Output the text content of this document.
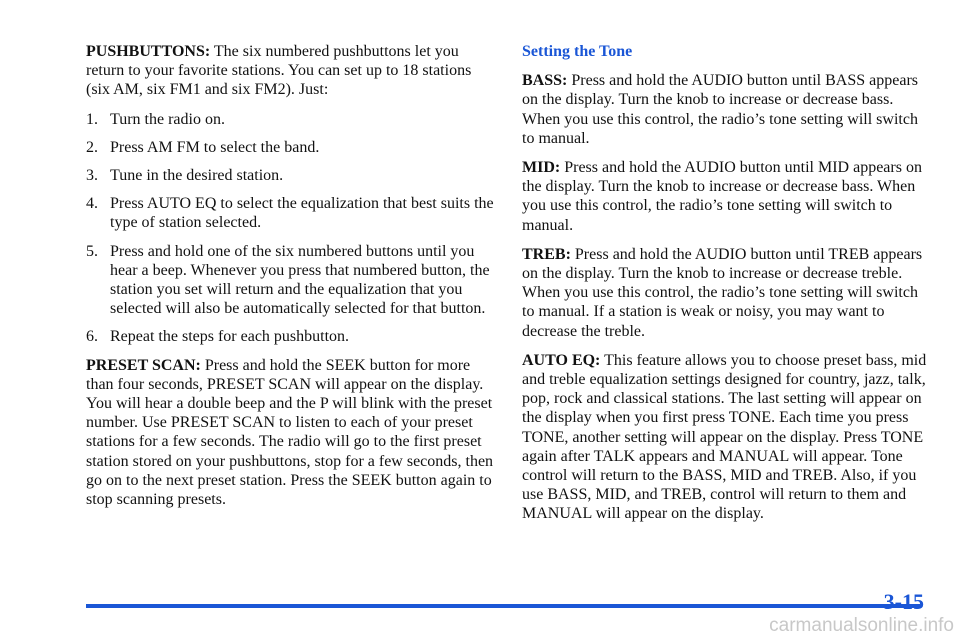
PUSHBUTTONS: The six numbered pushbuttons let you return to your favorite stations. You can set up to 18 stations (six AM, six FM1 and six FM2). Just:

1. Turn the radio on.
2. Press AM FM to select the band.
3. Tune in the desired station.
4. Press AUTO EQ to select the equalization that best suits the type of station selected.
5. Press and hold one of the six numbered buttons until you hear a beep. Whenever you press that numbered button, the station you set will return and the equalization that you selected will also be automatically selected for that button.
6. Repeat the steps for each pushbutton.

PRESET SCAN: Press and hold the SEEK button for more than four seconds, PRESET SCAN will appear on the display. You will hear a double beep and the P will blink with the preset number. Use PRESET SCAN to listen to each of your preset stations for a few seconds. The radio will go to the first preset station stored on your pushbuttons, stop for a few seconds, then go on to the next preset station. Press the SEEK button again to stop scanning presets.

Setting the Tone

BASS: Press and hold the AUDIO button until BASS appears on the display. Turn the knob to increase or decrease bass. When you use this control, the radio’s tone setting will switch to manual.

MID: Press and hold the AUDIO button until MID appears on the display. Turn the knob to increase or decrease bass. When you use this control, the radio’s tone setting will switch to manual.

TREB: Press and hold the AUDIO button until TREB appears on the display. Turn the knob to increase or decrease treble. When you use this control, the radio’s tone setting will switch to manual. If a station is weak or noisy, you may want to decrease the treble.

AUTO EQ: This feature allows you to choose preset bass, mid and treble equalization settings designed for country, jazz, talk, pop, rock and classical stations. The last setting will appear on the display when you first press TONE. Each time you press TONE, another setting will appear on the display. Press TONE again after TALK appears and MANUAL will appear. Tone control will return to the BASS, MID and TREB. Also, if you use BASS, MID, and TREB, control will return to them and MANUAL will appear on the display.

3-15
carmanualsonline.info
